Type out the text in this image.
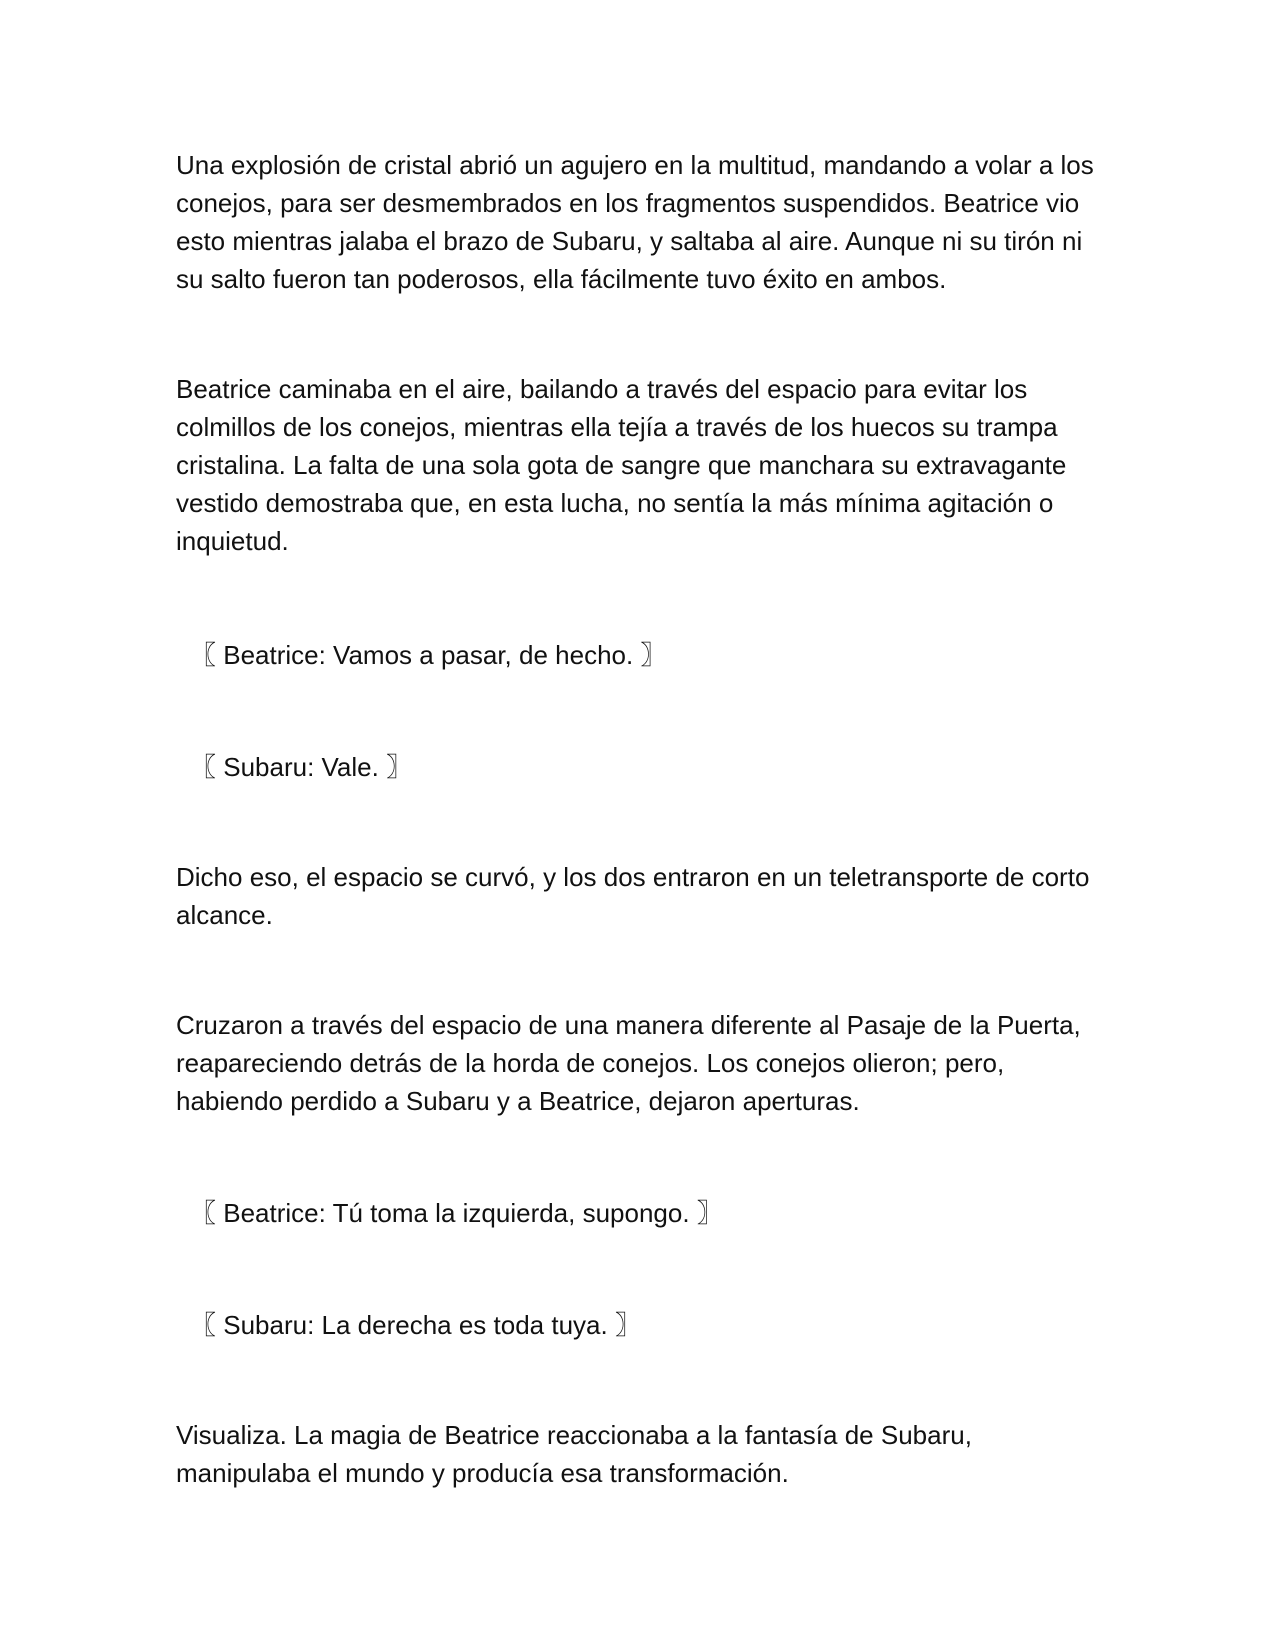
Una explosión de cristal abrió un agujero en la multitud, mandando a volar a los conejos, para ser desmembrados en los fragmentos suspendidos. Beatrice vio esto mientras jalaba el brazo de Subaru, y saltaba al aire. Aunque ni su tirón ni su salto fueron tan poderosos, ella fácilmente tuvo éxito en ambos.

Beatrice caminaba en el aire, bailando a través del espacio para evitar los colmillos de los conejos, mientras ella tejía a través de los huecos su trampa cristalina. La falta de una sola gota de sangre que manchara su extravagante vestido demostraba que, en esta lucha, no sentía la más mínima agitación o inquietud.

〖 Beatrice: Vamos a pasar, de hecho. 〗

〖 Subaru: Vale. 〗

Dicho eso, el espacio se curvó, y los dos entraron en un teletransporte de corto alcance.

Cruzaron a través del espacio de una manera diferente al Pasaje de la Puerta, reapareciendo detrás de la horda de conejos. Los conejos olieron; pero, habiendo perdido a Subaru y a Beatrice, dejaron aperturas.

〖 Beatrice: Tú toma la izquierda, supongo. 〗

〖 Subaru: La derecha es toda tuya. 〗

Visualiza. La magia de Beatrice reaccionaba a la fantasía de Subaru, manipulaba el mundo y producía esa transformación.
